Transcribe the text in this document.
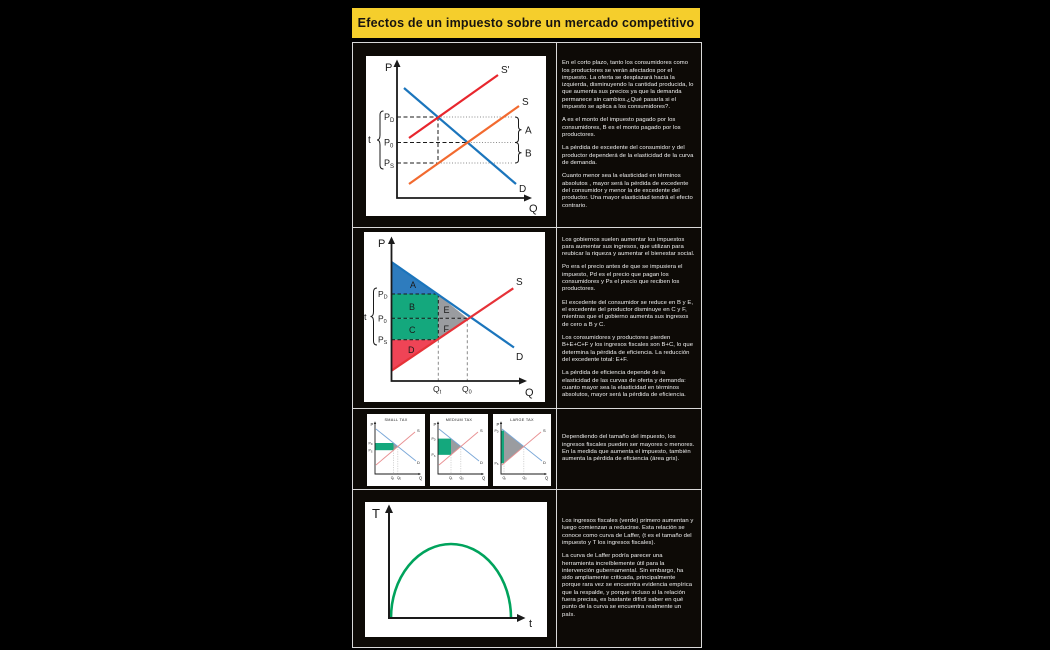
Efectos de un impuesto sobre un mercado competitivo
P
Q
S'
S
D
t
$P_D$
$P_0$
$P_S$
A
B

En el corto plazo, tanto los consumidores como los productores se verán afectados por el impuesto. La oferta se desplazará hacia la izquierda, disminuyendo la cantidad producida, lo que aumenta sus precios ya que la demanda permanece sin cambios.¿Qué pasaría si el impuesto se aplica a los consumidores?.

A es el monto del impuesto pagado por los consumidores, B es el monto pagado por los productores.

La pérdida de excedente del consumidor y del productor dependerá de la elasticidad de la curva de demanda.

Cuanto menor sea la elasticidad en términos absolutos , mayor será la pérdida de excedente del consumidor y menor la de excedente del productor. Una mayor elasticidad tendrá el efecto contrario.

S
D
P
Q
A
B
C
D
E
F
t
PD
P0
PS
Qt Q0

Los gobiernos suelen aumentar los impuestos para aumentar sus ingresos, que utilizan para reubicar la riqueza y aumentar el bienestar social.

Po era el precio antes de que se impusiera el impuesto, Pd es el precio que pagan los consumidores y Ps el precio que reciben los productores.

El excedente del consumidor se reduce en B y E, el excedente del productor disminuye en C y F, mientras que el gobierno aumenta sus ingresos de cero a B y C.

Los consumidores y productores pierden B+E+C+F y los ingresos fiscales son B+C, lo que determina la pérdida de eficiencia. La reducción del excedente total: E+F.

La pérdida de eficiencia depende de la elasticidad de las curvas de oferta y demanda: cuanto mayor sea la elasticidad en términos absolutos, mayor será la pérdida de eficiencia.

SMALL TAX
P
Q
S
D
$P_D$
$P_S$
$Q_t$ $Q_0$
MEDIUM TAX
P
Q
S
D
$P_D$
$P_S$
$Q_t$ $Q_0$
LARGE TAX
P
Q
S
D
$P_D$
$P_S$
$Q_t$	$Q_0$

Dependiendo del tamaño del impuesto, los ingresos fiscales pueden ser mayores o menores. En la medida que aumenta el impuesto, también aumenta la pérdida de eficiencia (área gris).

T
t

Los ingresos fiscales (verde) primero aumentan y luego comienzan a reducirse. Esta relación se conoce como curva de Laffer, (t es el tamaño del impuesto y T los ingresos fiscales).

La curva de Laffer podría parecer una herramienta increíblemente útil para la intervención gubernamental. Sin embargo, ha sido ampliamente criticada, principalmente porque rara vez se encuentra evidencia empírica que la respalde, y porque incluso si la relación fuera precisa, es bastante difícil saber en qué punto de la curva se encuentra realmente un país.
